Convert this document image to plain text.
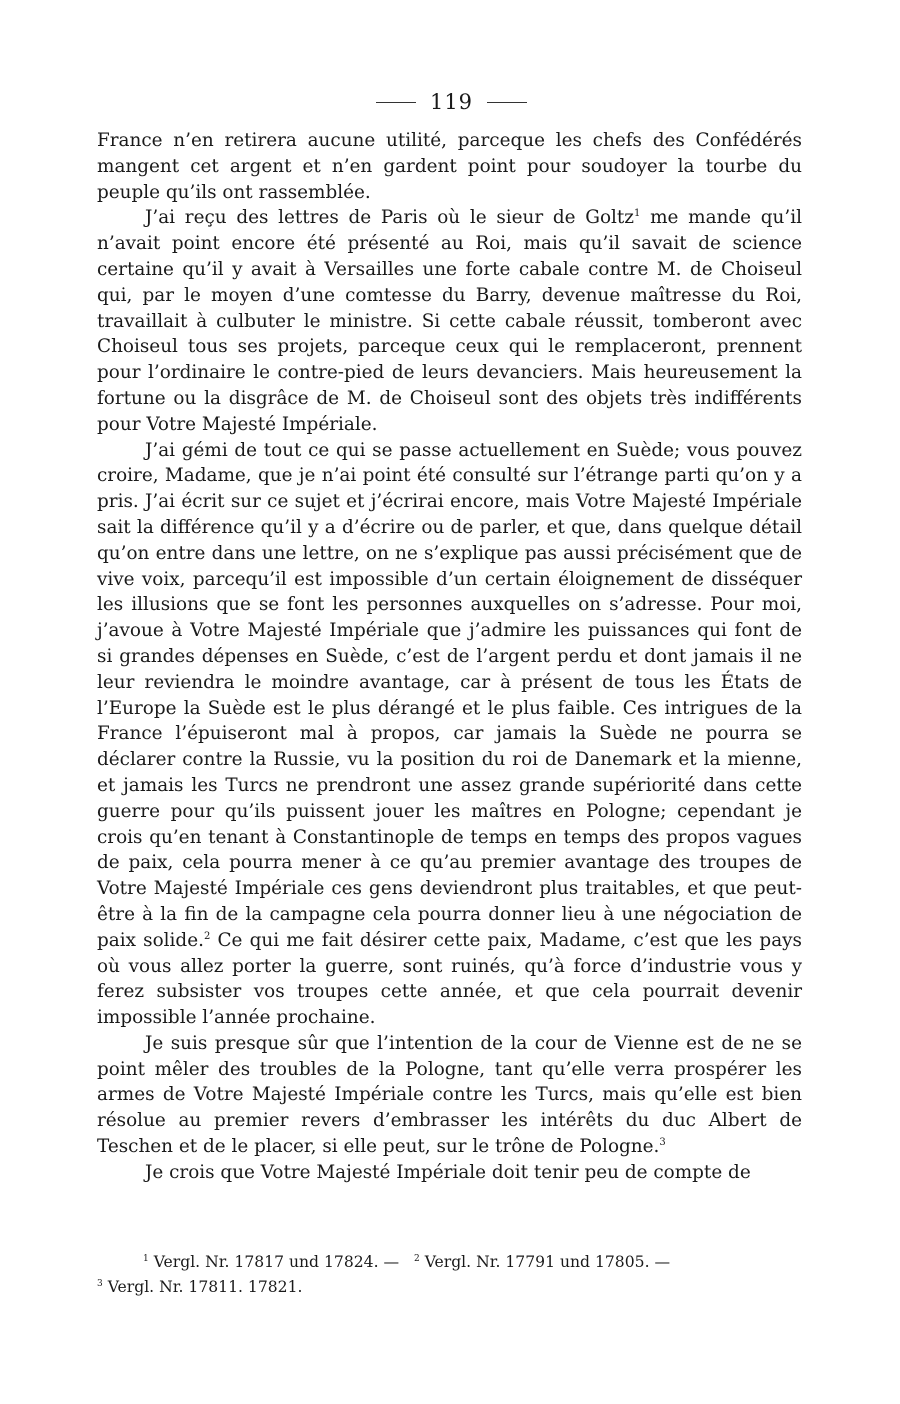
119

France n’en retirera aucune utilité, parceque les chefs des Confédérés mangent cet argent et n’en gardent point pour soudoyer la tourbe du peuple qu’ils ont rassemblée.

J’ai reçu des lettres de Paris où le sieur de Goltz$^1$ me mande qu’il n’avait point encore été présenté au Roi, mais qu’il savait de science certaine qu’il y avait à Versailles une forte cabale contre M. de Choiseul qui, par le moyen d’une comtesse du Barry, devenue maîtresse du Roi, travaillait à culbuter le ministre. Si cette cabale réussit, tomberont avec Choiseul tous ses projets, parceque ceux qui le remplaceront, prennent pour l’ordinaire le contre-pied de leurs devanciers. Mais heureusement la fortune ou la disgrâce de M. de Choiseul sont des objets très indifférents pour Votre Majesté Impériale.

J’ai gémi de tout ce qui se passe actuellement en Suède; vous pouvez croire, Madame, que je n’ai point été consulté sur l’étrange parti qu’on y a pris. J’ai écrit sur ce sujet et j’écrirai encore, mais Votre Majesté Impériale sait la différence qu’il y a d’écrire ou de parler, et que, dans quelque détail qu’on entre dans une lettre, on ne s’explique pas aussi précisément que de vive voix, parcequ’il est impossible d’un certain éloignement de disséquer les illusions que se font les personnes auxquelles on s’adresse. Pour moi, j’avoue à Votre Majesté Impériale que j’admire les puissances qui font de si grandes dépenses en Suède, c’est de l’argent perdu et dont jamais il ne leur reviendra le moindre avantage, car à présent de tous les États de l’Europe la Suède est le plus dérangé et le plus faible. Ces intrigues de la France l’épuiseront mal à propos, car jamais la Suède ne pourra se déclarer contre la Russie, vu la position du roi de Danemark et la mienne, et jamais les Turcs ne prendront une assez grande supériorité dans cette guerre pour qu’ils puissent jouer les maîtres en Pologne; cependant je crois qu’en tenant à Constantinople de temps en temps des propos vagues de paix, cela pourra mener à ce qu’au premier avantage des troupes de Votre Majesté Impériale ces gens deviendront plus traitables, et que peut-être à la fin de la campagne cela pourra donner lieu à une négociation de paix solide.$^2$ Ce qui me fait désirer cette paix, Madame, c’est que les pays où vous allez porter la guerre, sont ruinés, qu’à force d’industrie vous y ferez subsister vos troupes cette année, et que cela pourrait devenir impossible l’année prochaine.

Je suis presque sûr que l’intention de la cour de Vienne est de ne se point mêler des troubles de la Pologne, tant qu’elle verra prospérer les armes de Votre Majesté Impériale contre les Turcs, mais qu’elle est bien résolue au premier revers d’embrasser les intérêts du duc Albert de Teschen et de le placer, si elle peut, sur le trône de Pologne.$^3$

Je crois que Votre Majesté Impériale doit tenir peu de compte de

$^1$ Vergl. Nr. 17817 und 17824. — $^2$ Vergl. Nr. 17791 und 17805. —

$^3$ Vergl. Nr. 17811. 17821.
